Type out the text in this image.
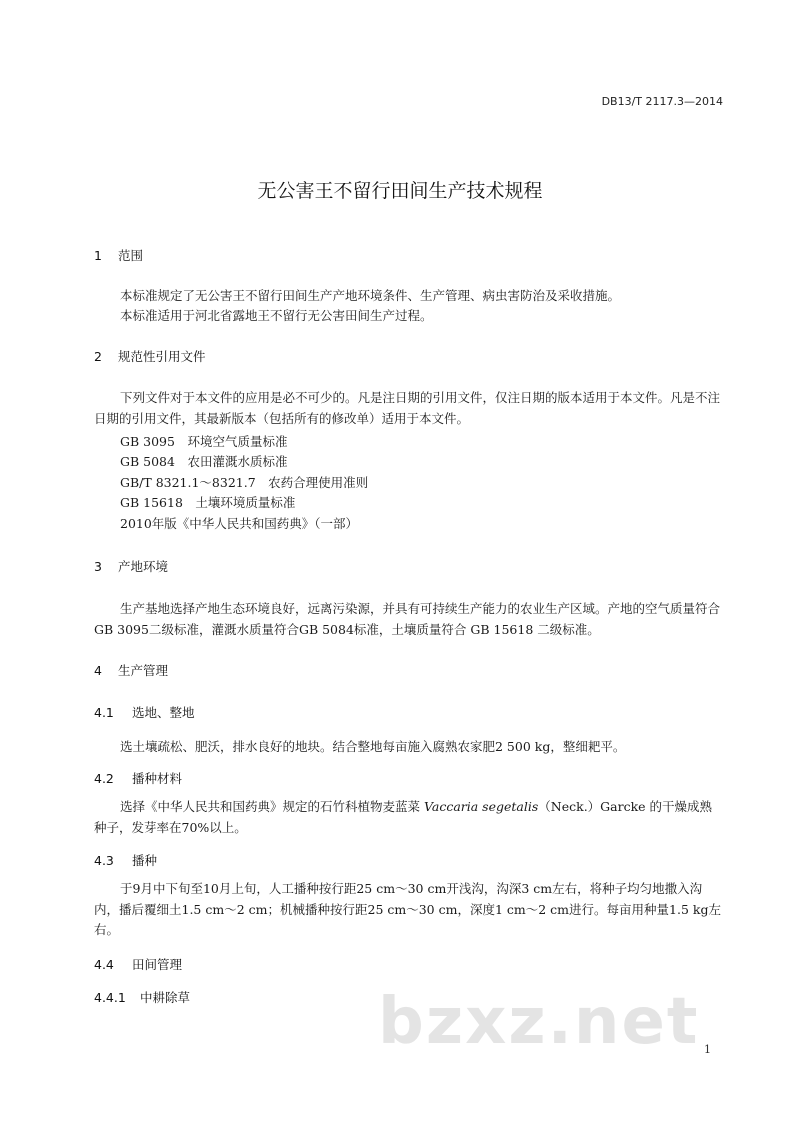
DB13/T 2117.3—2014
无公害王不留行田间生产技术规程
1 范围
本标准规定了无公害王不留行田间生产产地环境条件、生产管理、病虫害防治及采收措施。
本标准适用于河北省露地王不留行无公害田间生产过程。
2 规范性引用文件
下列文件对于本文件的应用是必不可少的。凡是注日期的引用文件，仅注日期的版本适用于本文件。凡是不注日期的引用文件，其最新版本（包括所有的修改单）适用于本文件。
GB 3095　环境空气质量标准
GB 5084　农田灌溉水质标准
GB/T 8321.1～8321.7　农药合理使用准则
GB 15618　土壤环境质量标准
2010年版《中华人民共和国药典》（一部）
3 产地环境
生产基地选择产地生态环境良好，远离污染源，并具有可持续生产能力的农业生产区域。产地的空气质量符合GB 3095二级标准，灌溉水质量符合GB 5084标准，土壤质量符合 GB 15618 二级标准。
4 生产管理
4.1 选地、整地
选土壤疏松、肥沃，排水良好的地块。结合整地每亩施入腐熟农家肥2 500 kg，整细耙平。
4.2 播种材料
选择《中华人民共和国药典》规定的石竹科植物麦蓝菜 Vaccaria segetalis（Neck.）Garcke 的干燥成熟种子，发芽率在70%以上。
4.3 播种
于9月中下旬至10月上旬，人工播种按行距25 cm～30 cm开浅沟，沟深3 cm左右，将种子均匀地撒入沟内，播后覆细土1.5 cm～2 cm；机械播种按行距25 cm～30 cm，深度1 cm～2 cm进行。每亩用种量1.5 kg左右。
4.4 田间管理
4.4.1 中耕除草	bzxz.net 1
